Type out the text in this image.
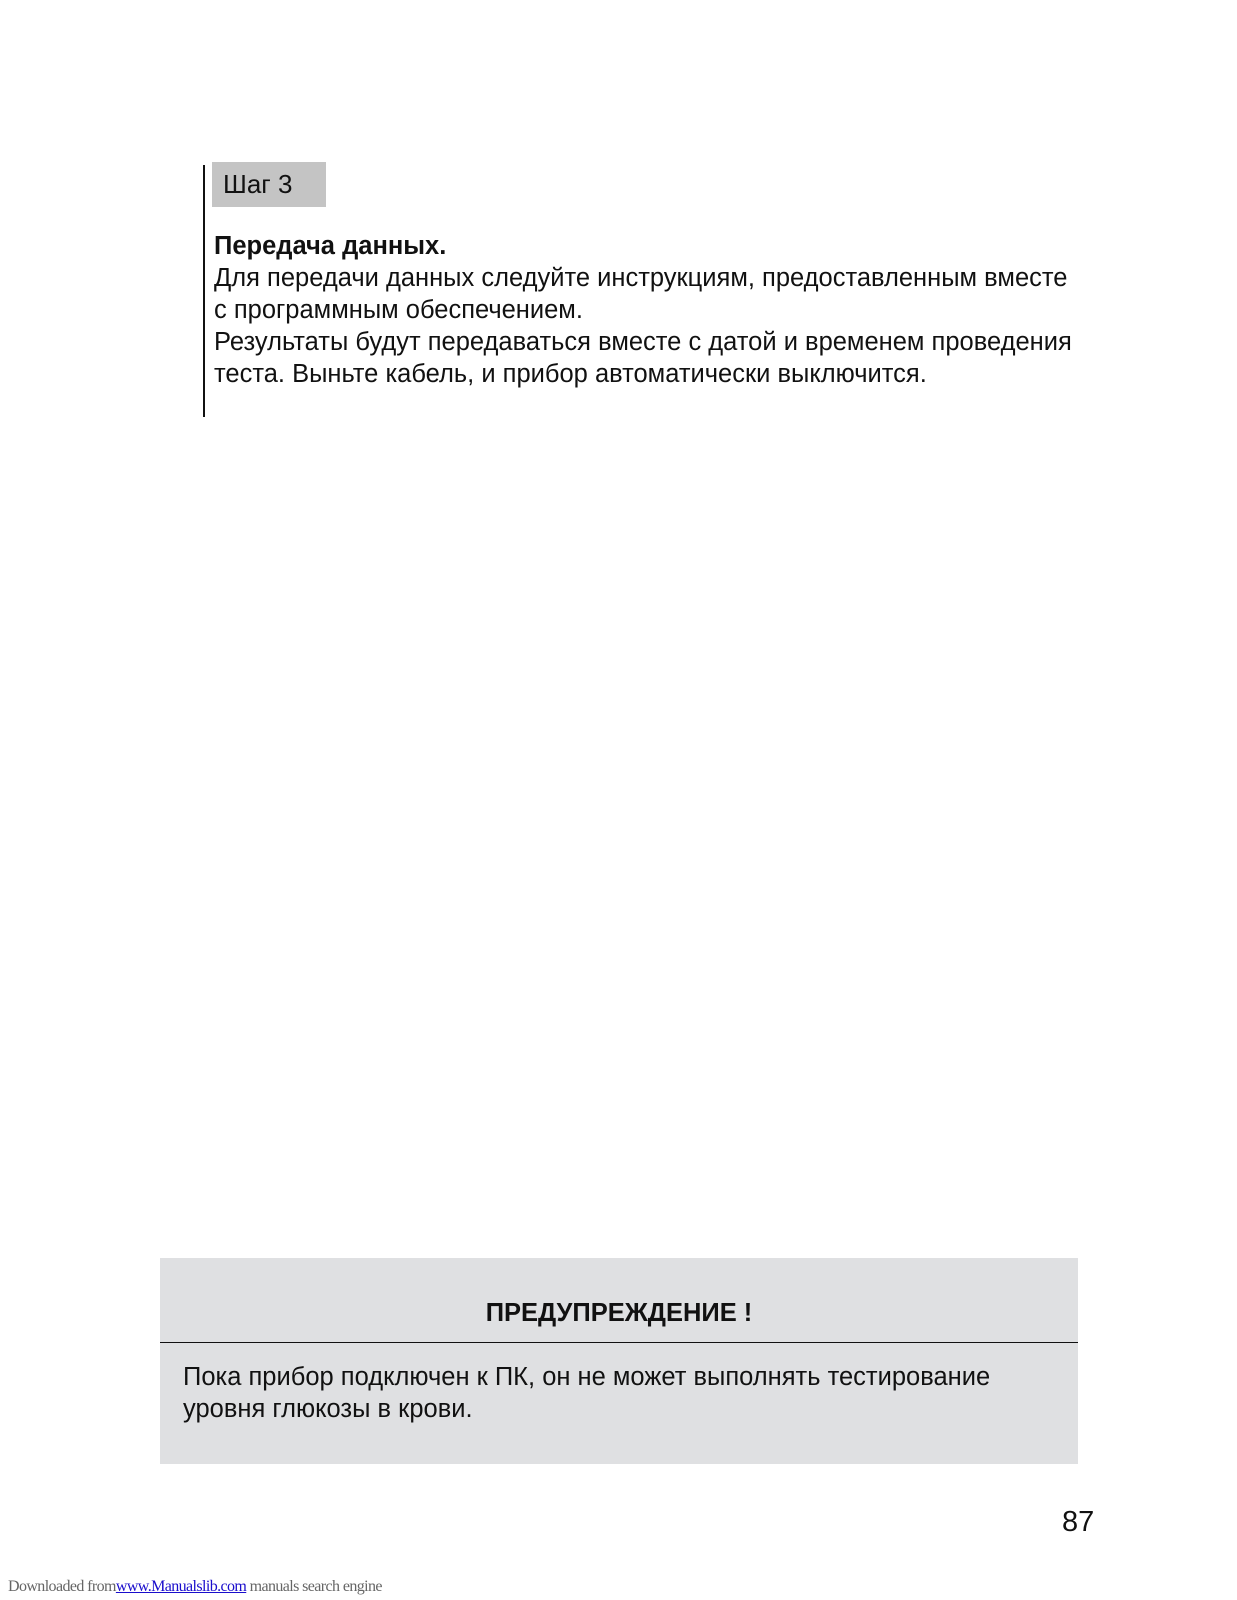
Шаг 3

Передача данных.

Для передачи данных следуйте инструкциям, предоставленным вместе с программным обеспечением.

Результаты будут передаваться вместе с датой и временем проведения теста. Выньте кабель, и прибор автоматически выключится.

ПРЕДУПРЕЖДЕНИЕ !

Пока прибор подключен к ПК, он не может выполнять тестирование уровня глюкозы в крови.

87
Downloaded fromwww.Manualslib.com manuals search engine
